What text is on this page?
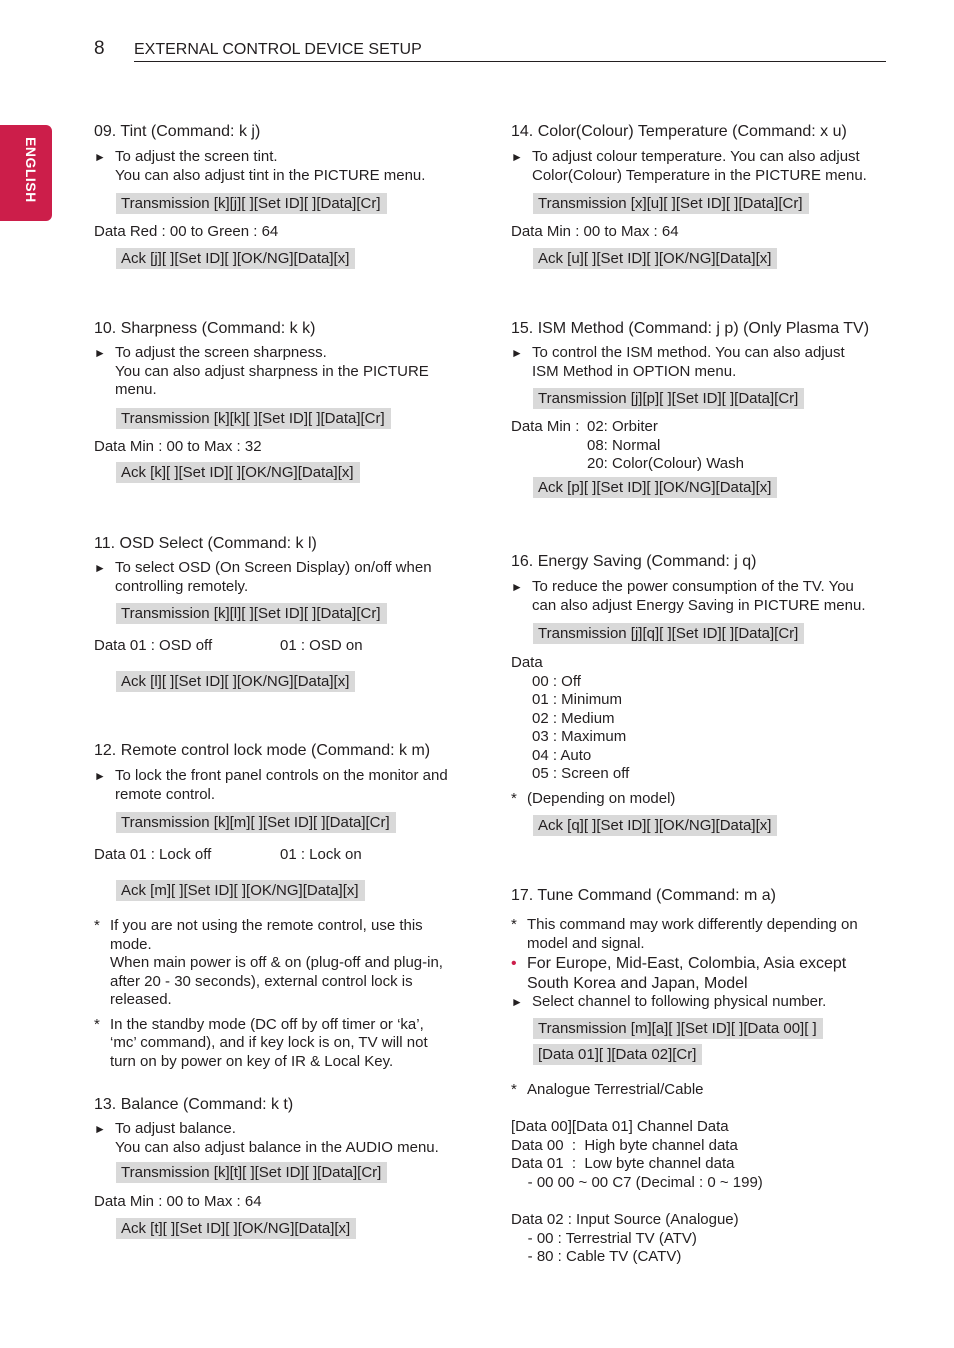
8 EXTERNAL CONTROL DEVICE SETUP
ENGLISH
09. Tint (Command: k j)
► To adjust the screen tint.
You can also adjust tint in the PICTURE menu.
Transmission [k][j][ ][Set ID][ ][Data][Cr]
Data Red : 00 to Green : 64
Ack [j][ ][Set ID][ ][OK/NG][Data][x]
10. Sharpness (Command: k k)
► To adjust the screen sharpness.
You can also adjust sharpness in the PICTURE
menu.
Transmission [k][k][ ][Set ID][ ][Data][Cr]
Data Min : 00 to Max : 32
Ack [k][ ][Set ID][ ][OK/NG][Data][x]
11. OSD Select (Command: k l)
► To select OSD (On Screen Display) on/off when
controlling remotely.
Transmission [k][l][ ][Set ID][ ][Data][Cr]
Data 01 : OSD off	01 : OSD on
Ack [l][ ][Set ID][ ][OK/NG][Data][x]
12. Remote control lock mode (Command: k m)
► To lock the front panel controls on the monitor and
remote control.
Transmission [k][m][ ][Set ID][ ][Data][Cr]
Data 01 : Lock off	01 : Lock on
Ack [m][ ][Set ID][ ][OK/NG][Data][x]
* If you are not using the remote control, use this
mode.
When main power is off & on (plug-off and plug-in,
after 20 - 30 seconds), external control lock is
released.
* In the standby mode (DC off by off timer or ‘ka’,
‘mc’ command), and if key lock is on, TV will not
turn on by power on key of IR & Local Key.
13. Balance (Command: k t)
► To adjust balance.
You can also adjust balance in the AUDIO menu.
Transmission [k][t][ ][Set ID][ ][Data][Cr]
Data Min : 00 to Max : 64
Ack [t][ ][Set ID][ ][OK/NG][Data][x]
14. Color(Colour) Temperature (Command: x u)
► To adjust colour temperature. You can also adjust
Color(Colour) Temperature in the PICTURE menu.
Transmission [x][u][ ][Set ID][ ][Data][Cr]
Data Min : 00 to Max : 64
Ack [u][ ][Set ID][ ][OK/NG][Data][x]
15. ISM Method (Command: j p) (Only Plasma TV)
► To control the ISM method. You can also adjust
ISM Method in OPTION menu.
Transmission [j][p][ ][Set ID][ ][Data][Cr]
Data Min : 02: Orbiter
08: Normal
20: Color(Colour) Wash
Ack [p][ ][Set ID][ ][OK/NG][Data][x]
16. Energy Saving (Command: j q)
► To reduce the power consumption of the TV. You
can also adjust Energy Saving in PICTURE menu.
Transmission [j][q][ ][Set ID][ ][Data][Cr]
Data
00 : Off
01 : Minimum
02 : Medium
03 : Maximum
04 : Auto
05 : Screen off
* (Depending on model)
Ack [q][ ][Set ID][ ][OK/NG][Data][x]
17. Tune Command (Command: m a)
* This command may work differently depending on
model and signal.
• For Europe, Mid-East, Colombia, Asia except
South Korea and Japan, Model
► Select channel to following physical number.
Transmission [m][a][ ][Set ID][ ][Data 00][ ]
[Data 01][ ][Data 02][Cr]
* Analogue Terrestrial/Cable
[Data 00][Data 01] Channel Data
Data 00  :  High byte channel data
Data 01  :  Low byte channel data
- 00 00 ~ 00 C7 (Decimal : 0 ~ 199)
Data 02 : Input Source (Analogue)
- 00 : Terrestrial TV (ATV)
- 80 : Cable TV (CATV)
